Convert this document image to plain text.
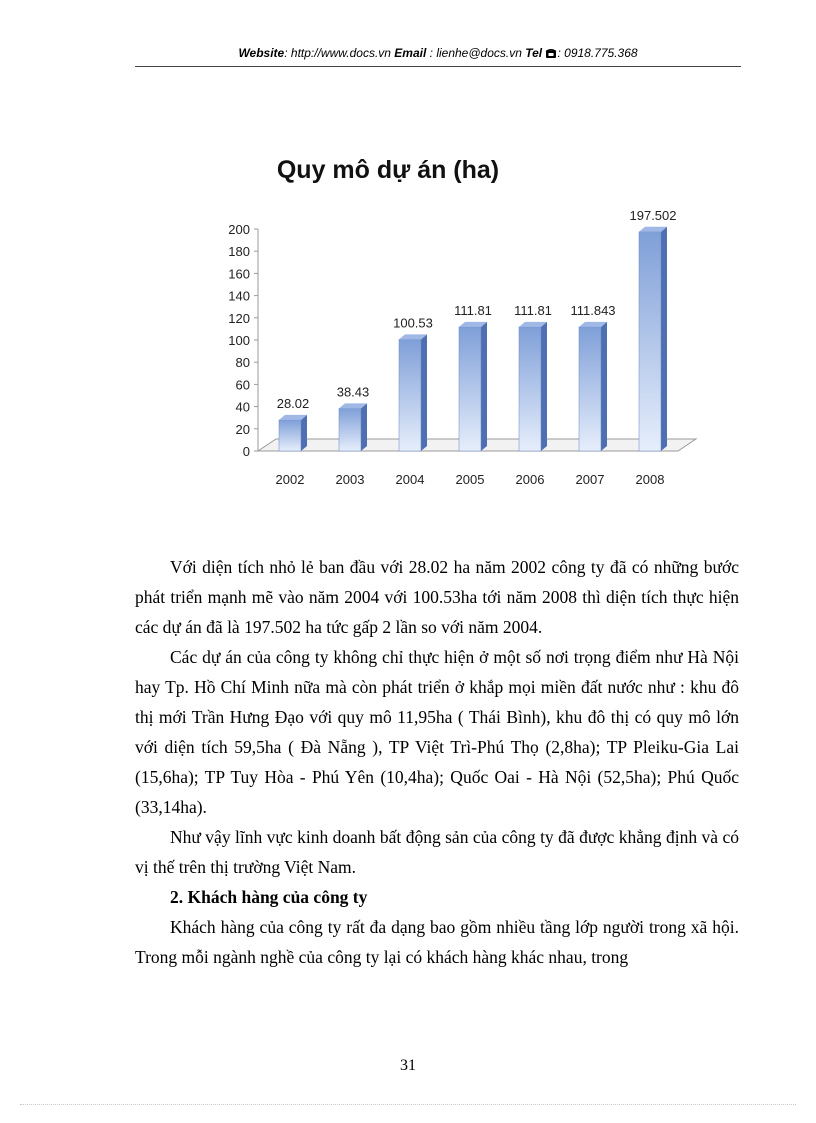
Website: http://www.docs.vn Email : lienhe@docs.vn Tel : 0918.775.368
Quy mô dự án (ha)
0
20
40
60
80
100
120
140
160
180
200
28.02
2002
38.43
2003
100.53
2004
111.81
2005
111.81
2006
111.843
2007
197.502
2008

Với diện tích nhỏ lẻ ban đầu với 28.02 ha năm 2002 công ty đã có những bước phát triển mạnh mẽ vào năm 2004 với 100.53ha tới năm 2008 thì diện tích thực hiện các dự án đã là 197.502 ha tức gấp 2 lần so với năm 2004.

Các dự án của công ty không chỉ thực hiện ở một số nơi trọng điểm như Hà Nội hay Tp. Hồ Chí Minh nữa mà còn phát triển ở khắp mọi miền đất nước như : khu đô thị mới Trần Hưng Đạo với quy mô 11,95ha ( Thái Bình), khu đô thị có quy mô lớn với diện tích 59,5ha ( Đà Nẵng ), TP Việt Trì-Phú Thọ (2,8ha); TP Pleiku-Gia Lai (15,6ha); TP Tuy Hòa - Phú Yên (10,4ha); Quốc Oai - Hà Nội (52,5ha); Phú Quốc (33,14ha).

Như vậy lĩnh vực kinh doanh bất động sản của công ty đã được khẳng định và có vị thế trên thị trường Việt Nam.

2. Khách hàng của công ty

Khách hàng của công ty rất đa dạng bao gồm nhiều tầng lớp người trong xã hội. Trong mỗi ngành nghề của công ty lại có khách hàng khác nhau, trong

31
